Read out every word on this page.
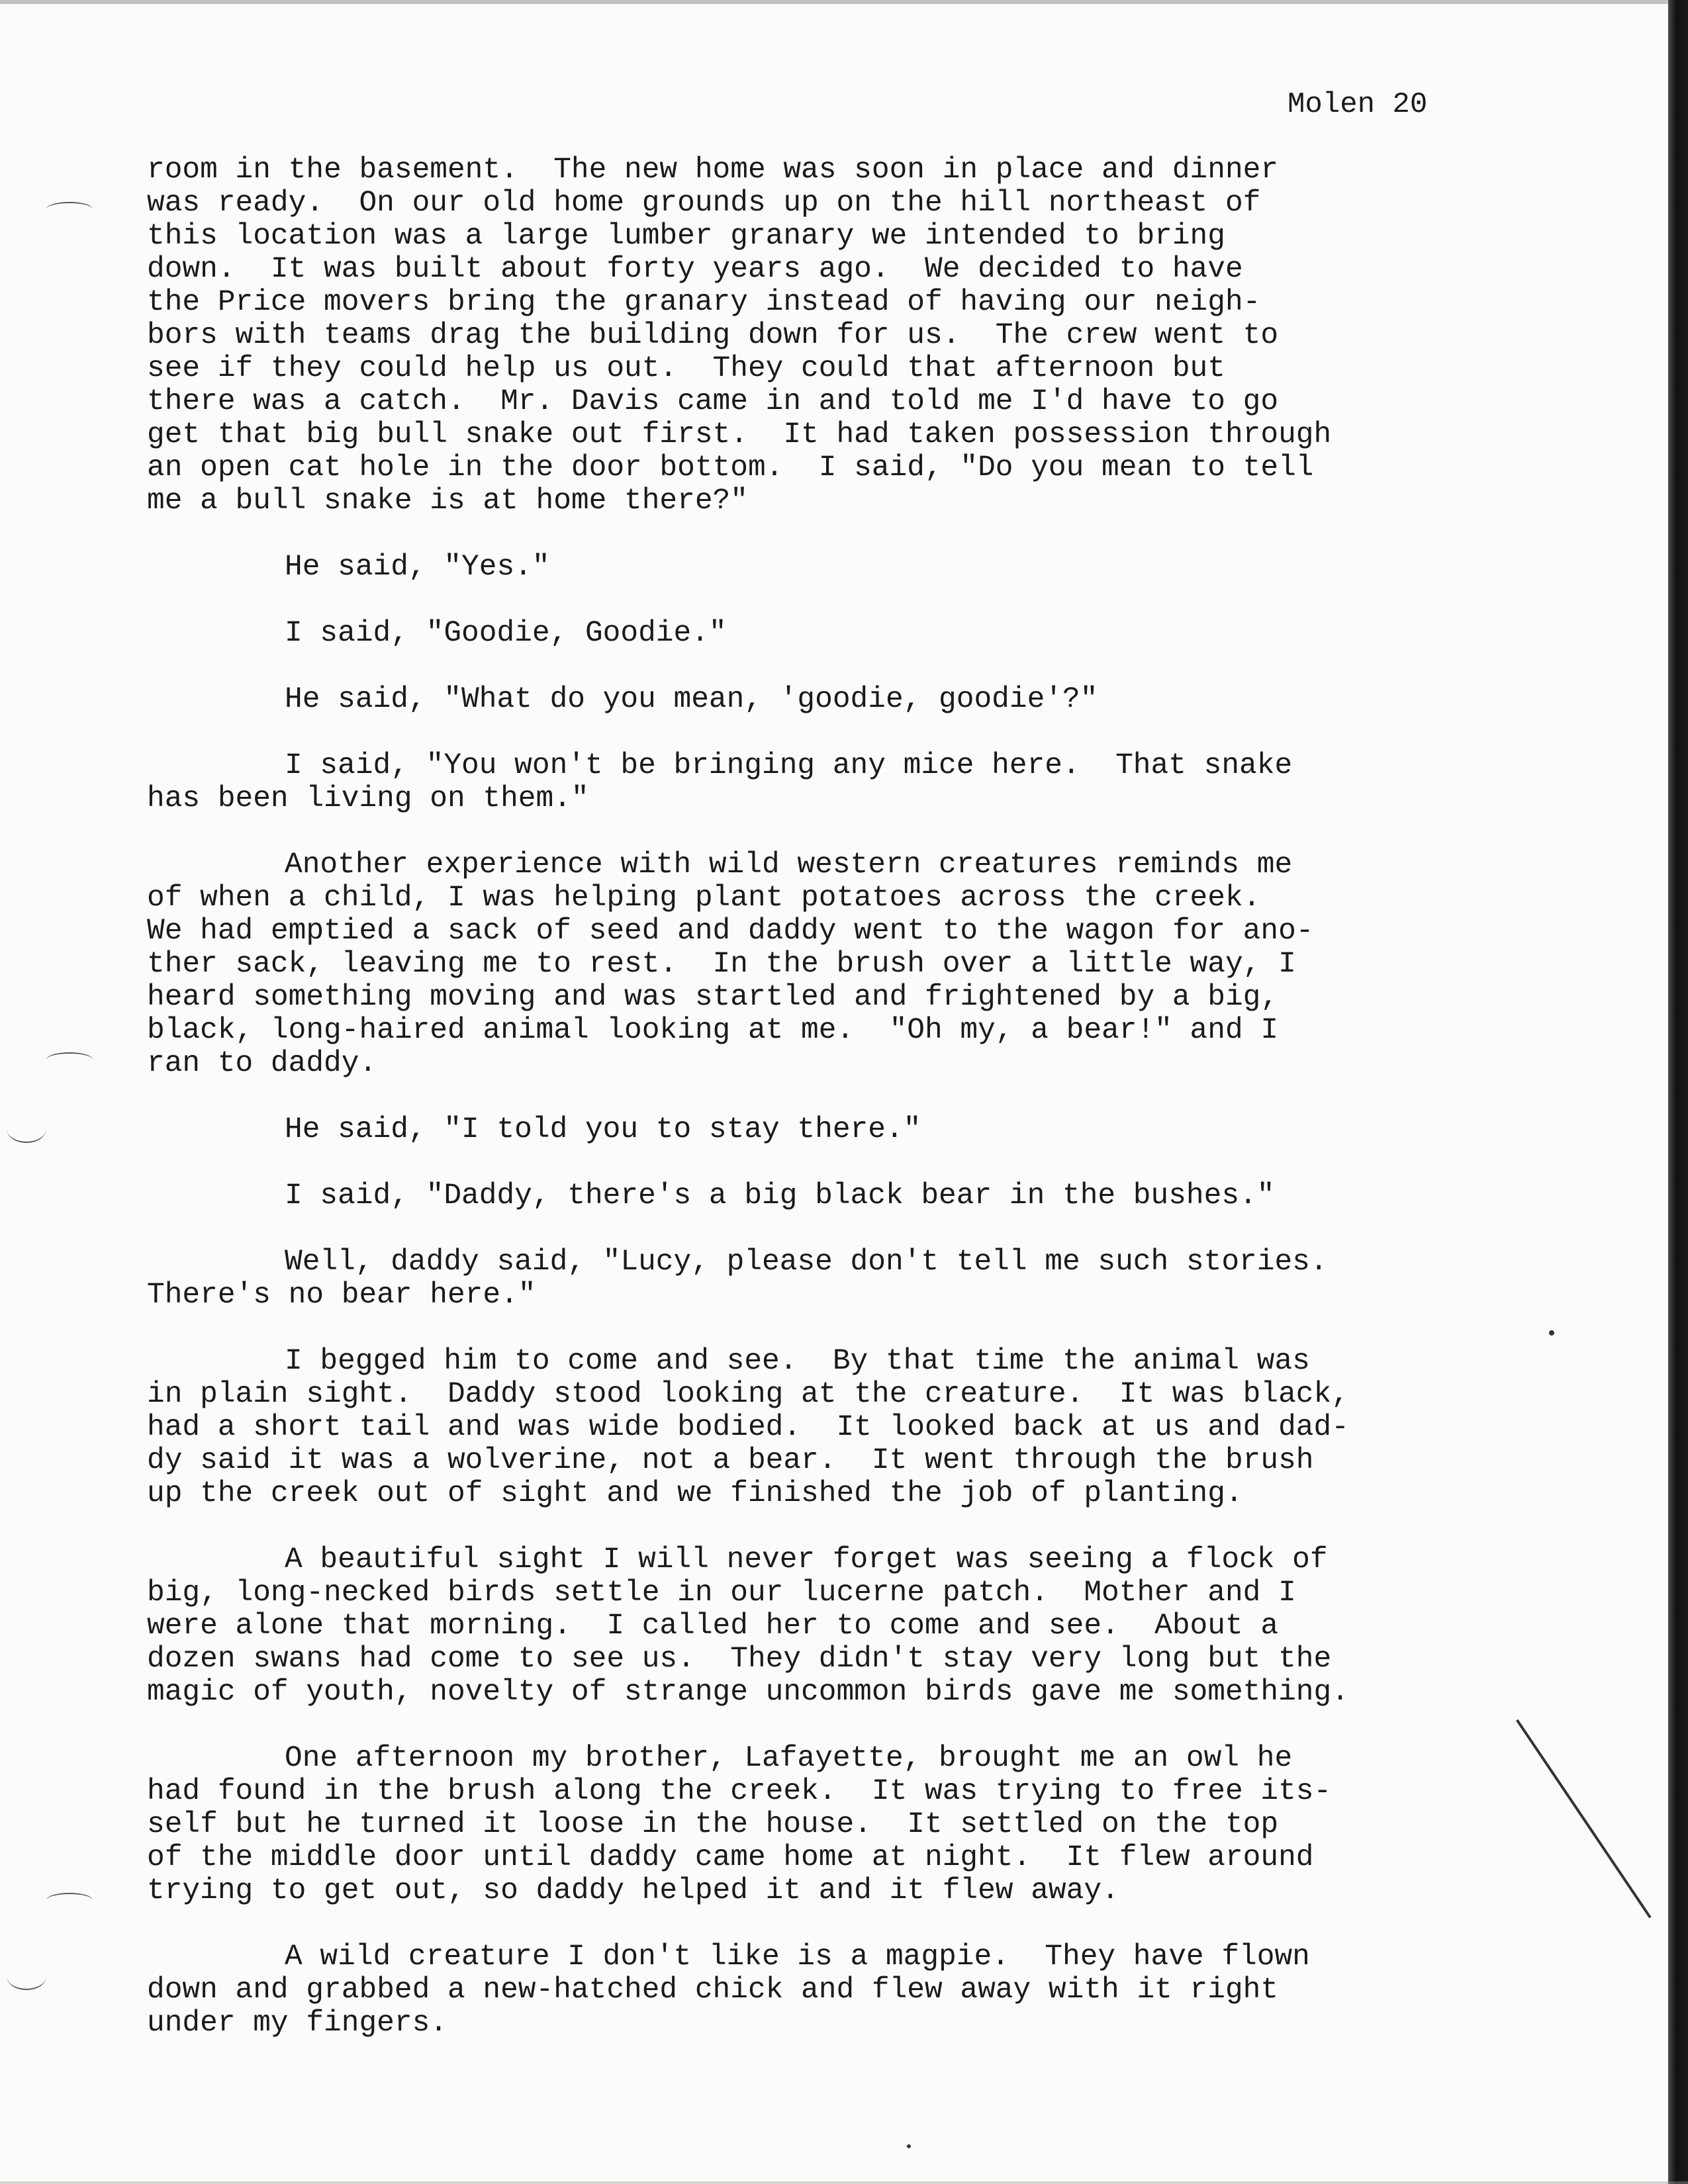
Molen 20
room in the basement.  The new home was soon in place and dinner
was ready.  On our old home grounds up on the hill northeast of
this location was a large lumber granary we intended to bring
down.  It was built about forty years ago.  We decided to have
the Price movers bring the granary instead of having our neigh-
bors with teams drag the building down for us.  The crew went to
see if they could help us out.  They could that afternoon but
there was a catch.  Mr. Davis came in and told me I'd have to go
get that big bull snake out first.  It had taken possession through
an open cat hole in the door bottom.  I said, "Do you mean to tell
me a bull snake is at home there?"
He said, "Yes."
I said, "Goodie, Goodie."
He said, "What do you mean, 'goodie, goodie'?"
I said, "You won't be bringing any mice here.  That snake
has been living on them."
Another experience with wild western creatures reminds me
of when a child, I was helping plant potatoes across the creek.
We had emptied a sack of seed and daddy went to the wagon for ano-
ther sack, leaving me to rest.  In the brush over a little way, I
heard something moving and was startled and frightened by a big,
black, long-haired animal looking at me.  "Oh my, a bear!" and I
ran to daddy.
He said, "I told you to stay there."
I said, "Daddy, there's a big black bear in the bushes."
Well, daddy said, "Lucy, please don't tell me such stories.
There's no bear here."
I begged him to come and see.  By that time the animal was
in plain sight.  Daddy stood looking at the creature.  It was black,
had a short tail and was wide bodied.  It looked back at us and dad-
dy said it was a wolverine, not a bear.  It went through the brush
up the creek out of sight and we finished the job of planting.
A beautiful sight I will never forget was seeing a flock of
big, long-necked birds settle in our lucerne patch.  Mother and I
were alone that morning.  I called her to come and see.  About a
dozen swans had come to see us.  They didn't stay very long but the
magic of youth, novelty of strange uncommon birds gave me something.
One afternoon my brother, Lafayette, brought me an owl he
had found in the brush along the creek.  It was trying to free its-
self but he turned it loose in the house.  It settled on the top
of the middle door until daddy came home at night.  It flew around
trying to get out, so daddy helped it and it flew away.
A wild creature I don't like is a magpie.  They have flown
down and grabbed a new-hatched chick and flew away with it right
under my fingers.
